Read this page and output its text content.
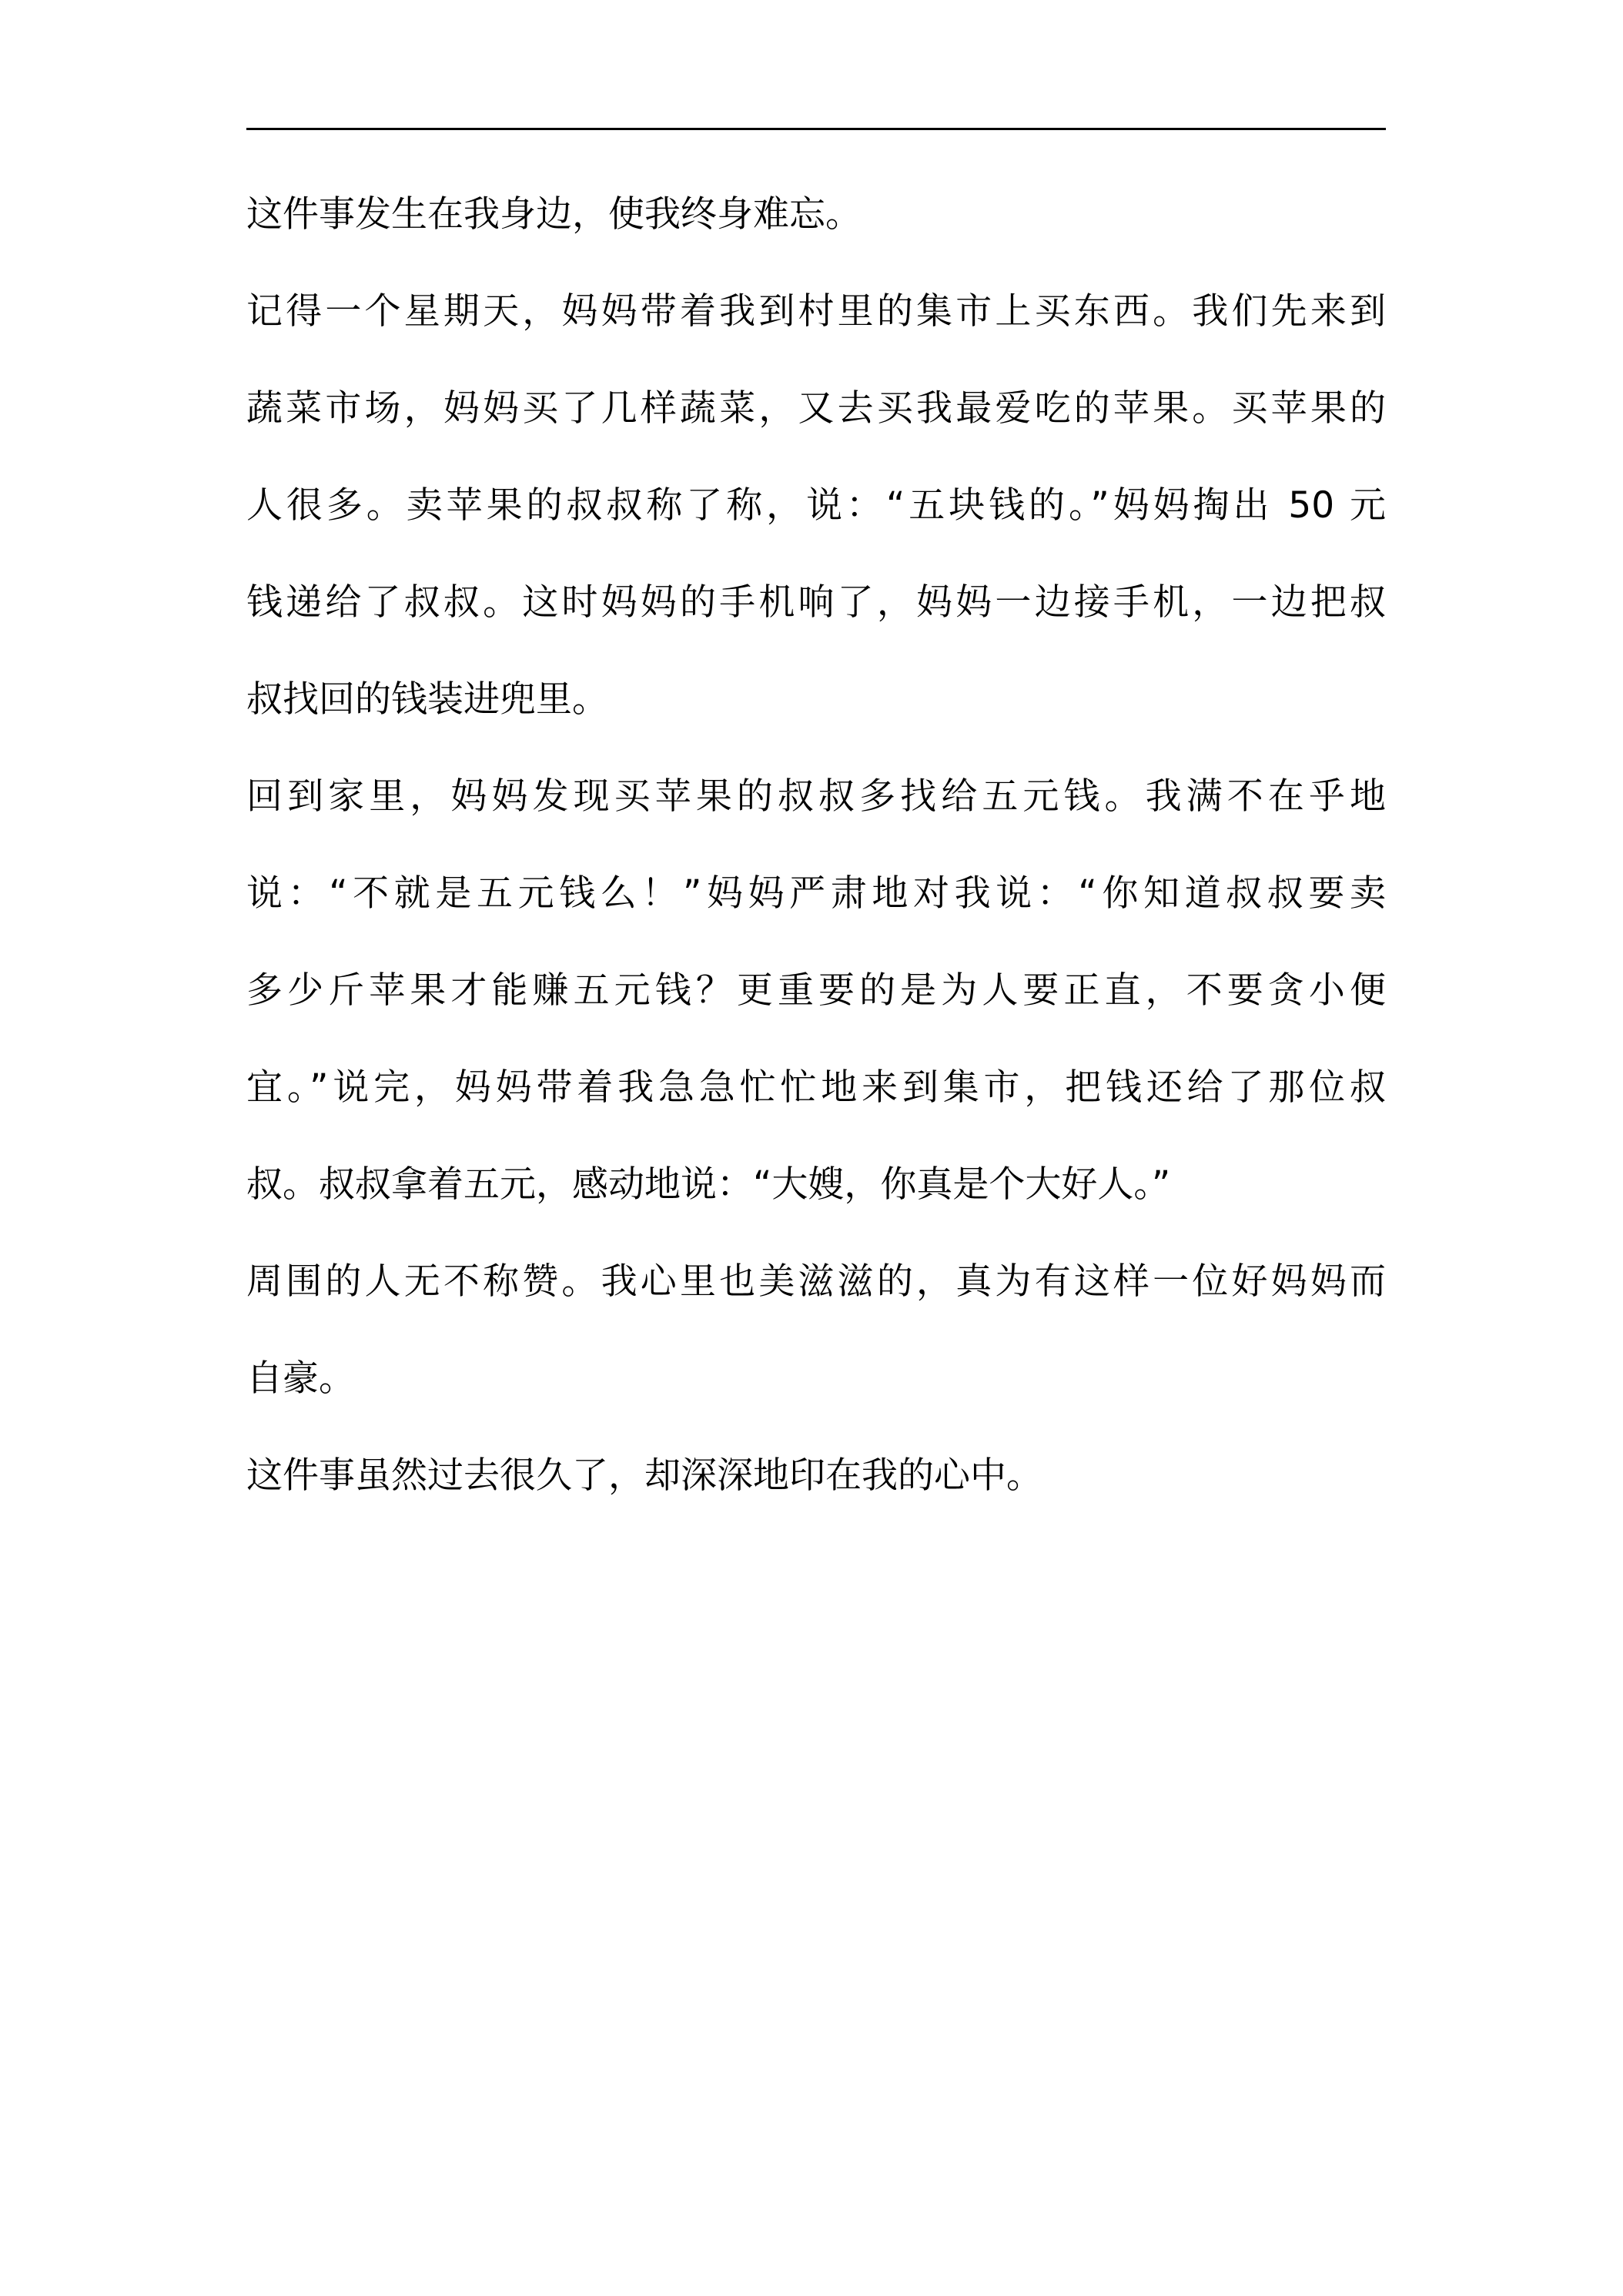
这件事发生在我身边，使我终身难忘。
记得一个星期天，妈妈带着我到村里的集市上买东西。我们先来到
蔬菜市场，妈妈买了几样蔬菜，又去买我最爱吃的苹果。买苹果的
人很多。卖苹果的叔叔称了称，说：“五块钱的。”妈妈掏出 50 元
钱递给了叔叔。这时妈妈的手机响了，妈妈一边接手机，一边把叔
叔找回的钱装进兜里。
回到家里，妈妈发现买苹果的叔叔多找给五元钱。我满不在乎地
说：“不就是五元钱么！”妈妈严肃地对我说：“你知道叔叔要卖
多少斤苹果才能赚五元钱？更重要的是为人要正直，不要贪小便
宜。”说完，妈妈带着我急急忙忙地来到集市，把钱还给了那位叔
叔。叔叔拿着五元，感动地说：“大嫂，你真是个大好人。”
周围的人无不称赞。我心里也美滋滋的，真为有这样一位好妈妈而
自豪。
这件事虽然过去很久了，却深深地印在我的心中。
